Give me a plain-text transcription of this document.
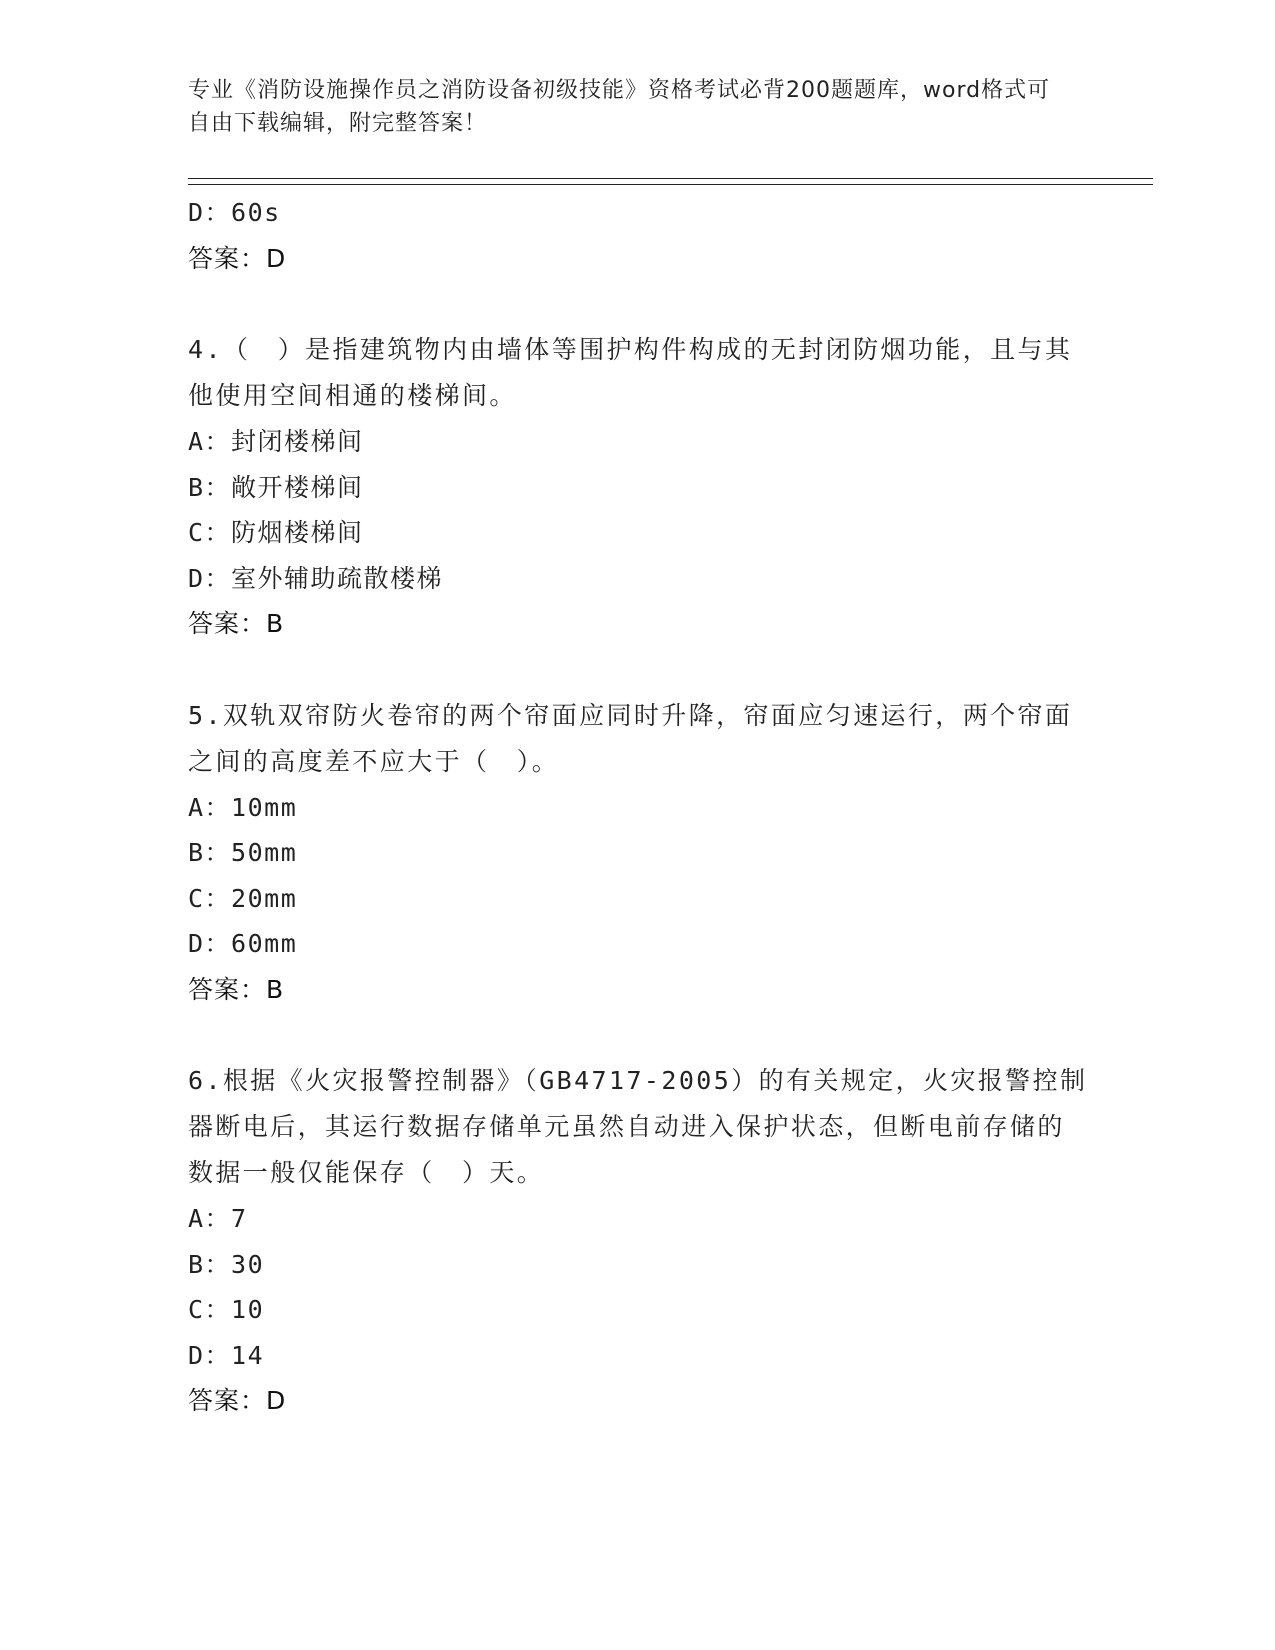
专业《消防设施操作员之消防设备初级技能》资格考试必背200题题库，word格式可自由下载编辑，附完整答案！
D：60s
答案：D
4.（　）是指建筑物内由墙体等围护构件构成的无封闭防烟功能，且与其他使用空间相通的楼梯间。
A：封闭楼梯间
B：敞开楼梯间
C：防烟楼梯间
D：室外辅助疏散楼梯
答案：B
5.双轨双帘防火卷帘的两个帘面应同时升降，帘面应匀速运行，两个帘面之间的高度差不应大于（　）。
A：10mm
B：50mm
C：20mm
D：60mm
答案：B
6.根据《火灾报警控制器》（GB4717-2005）的有关规定，火灾报警控制器断电后，其运行数据存储单元虽然自动进入保护状态，但断电前存储的数据一般仅能保存（　）天。
A：7
B：30
C：10
D：14
答案：D
